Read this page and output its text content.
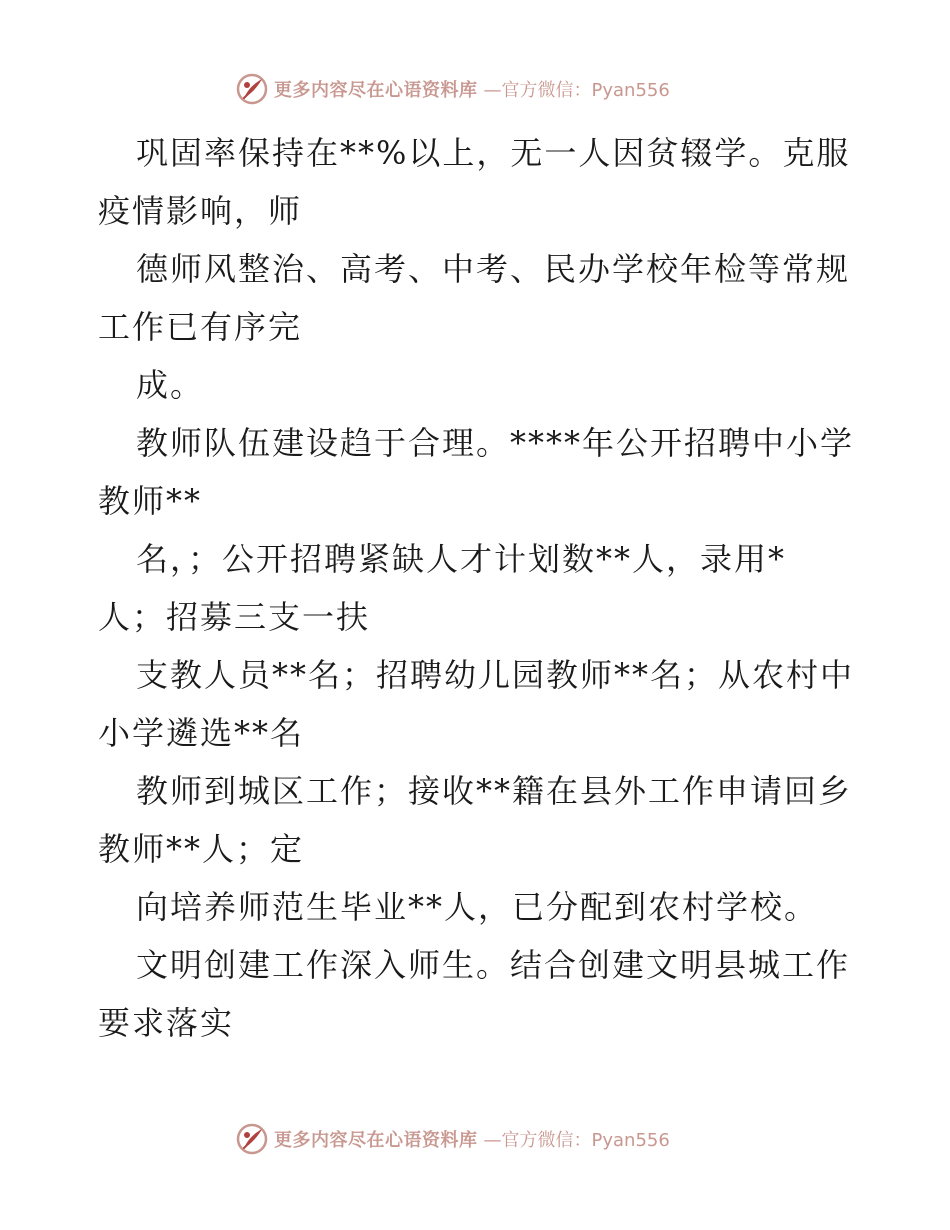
更多内容尽在心语资料库 —官方微信：Pyan556
巩固率保持在**%以上，无一人因贫辍学。克服
疫情影响，师
德师风整治、高考、中考、民办学校年检等常规
工作已有序完
成。
教师队伍建设趋于合理。****年公开招聘中小学
教师**
名，；公开招聘紧缺人才计划数**人，录用*
人；招募三支一扶
支教人员**名；招聘幼儿园教师**名；从农村中
小学遴选**名
教师到城区工作；接收**籍在县外工作申请回乡
教师**人；定
向培养师范生毕业**人，已分配到农村学校。
文明创建工作深入师生。结合创建文明县城工作
要求落实
更多内容尽在心语资料库 —官方微信：Pyan556
